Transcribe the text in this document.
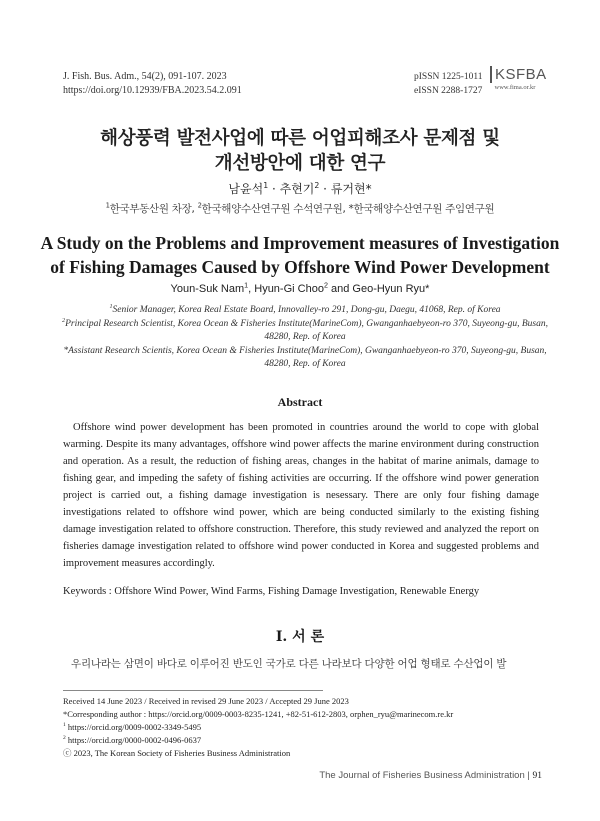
J. Fish. Bus. Adm., 54(2), 091-107. 2023
https://doi.org/10.12939/FBA.2023.54.2.091
pISSN 1225-1011
eISSN 2288-1727
KSFBA
www.fima.or.kr
해상풍력 발전사업에 따른 어업피해조사 문제점 및
개선방안에 대한 연구
남윤석$^1$ · 추현기$^2$ · 류거현*
$^1$한국부동산원 차장, $^2$한국해양수산연구원 수석연구원, *한국해양수산연구원 주임연구원
A Study on the Problems and Improvement measures of Investigation
of Fishing Damages Caused by Offshore Wind Power Development
Youn-Suk Nam$^1$, Hyun-Gi Choo$^2$ and Geo-Hyun Ryu*

$^1$Senior Manager, Korea Real Estate Board, Innovalley-ro 291, Dong-gu, Daegu, 41068, Rep. of Korea

$^2$Principal Research Scientist, Korea Ocean & Fisheries Institute(MarineCom), Gwanganhaebyeon-ro 370, Suyeong-gu, Busan, 48280, Rep. of Korea

*Assistant Research Scientis, Korea Ocean & Fisheries Institute(MarineCom), Gwanganhaebyeon-ro 370, Suyeong-gu, Busan, 48280, Rep. of Korea

Abstract
Offshore wind power development has been promoted in countries around the world to cope with global warming. Despite its many advantages, offshore wind power affects the marine environment during construction and operation. As a result, the reduction of fishing areas, changes in the habitat of marine animals, damage to fishing gear, and impeding the safety of fishing activities are occurring. If the offshore wind power generation project is carried out, a fishing damage investigation is nesessary. There are only four fishing damage investigations related to offshore wind power, which are being conducted similarly to the existing fishing damage investigation related to offshore construction. Therefore, this study reviewed and analyzed the report on fisheries damage investigation related to offshore wind power conducted in Korea and suggested problems and improvement measures accordingly.
Keywords : Offshore Wind Power, Wind Farms, Fishing Damage Investigation, Renewable Energy
I. 서 론
우리나라는 삼면이 바다로 이루어진 반도인 국가로 다른 나라보다 다양한 어업 형태로 수산업이 발

Received 14 June 2023 / Received in revised 29 June 2023 / Accepted 29 June 2023

*Corresponding author : https://orcid.org/0009-0003-8235-1241, +82-51-612-2803, orphen_ryu@marinecom.re.kr

$^1$ https://orcid.org/0009-0002-3349-5495

$^2$ https://orcid.org/0000-0002-0496-0637

ⓒ 2023, The Korean Society of Fisheries Business Administration

The Journal of Fisheries Business Administration | 91
